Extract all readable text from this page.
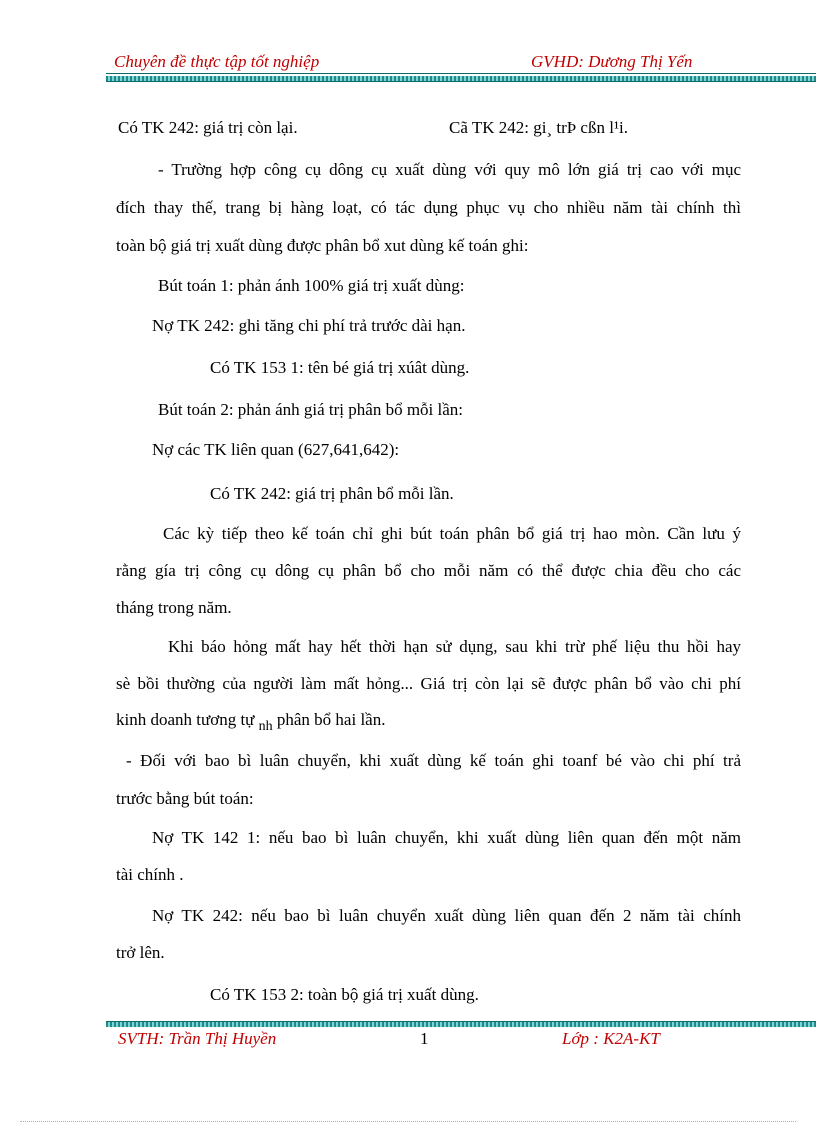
Chuyên đề thực tập tốt nghiệp	GVHD: Dương Thị Yến
Có TK 242: giá trị còn lại.	Cã TK 242: gi¸ trÞ cßn l¹i.
- Trường hợp công cụ dông cụ xuất dùng với quy mô lớn giá trị cao với mục
đích thay thế, trang bị hàng loạt, có tác dụng phục vụ cho nhiều năm tài chính thì
toàn bộ giá trị xuất dùng được phân bổ xut dùng kế toán ghi:
Bút toán 1: phản ánh 100% giá trị xuất dùng:
Nợ TK 242: ghi tăng chi phí trả trước dài hạn.
Có TK 153 1: tên bé giá trị xúât dùng.
Bút toán 2: phản ánh giá trị phân bổ mỗi lần:
Nợ các TK liên quan (627,641,642):
Có TK 242: giá trị phân bổ mỗi lần.
Các kỳ tiếp theo kế toán chỉ ghi bút toán phân bổ giá trị hao mòn. Cần lưu ý
rằng gía trị công cụ dông cụ phân bổ cho mỗi năm có thể được chia đều cho các
tháng trong năm.
Khi báo hỏng mất hay hết thời hạn sử dụng, sau khi trừ phế liệu thu hồi hay
sè bồi thường của người làm mất hỏng... Giá trị còn lại sẽ được phân bổ vào chi phí
kinh doanh tương tự $_{nh}$ phân bổ hai lần.
- Đối với bao bì luân chuyển, khi xuất dùng kế toán ghi toanf bé vào chi phí trả
trước bằng bút toán:
Nợ TK 142 1: nếu bao bì luân chuyển, khi xuất dùng liên quan đến một năm
tài chính .
Nợ TK 242: nếu bao bì luân chuyển xuất dùng liên quan đến 2 năm tài chính
trở lên.
Có TK 153 2: toàn bộ giá trị xuất dùng.
SVTH: Trần Thị Huyền	1	Lớp : K2A-KT
